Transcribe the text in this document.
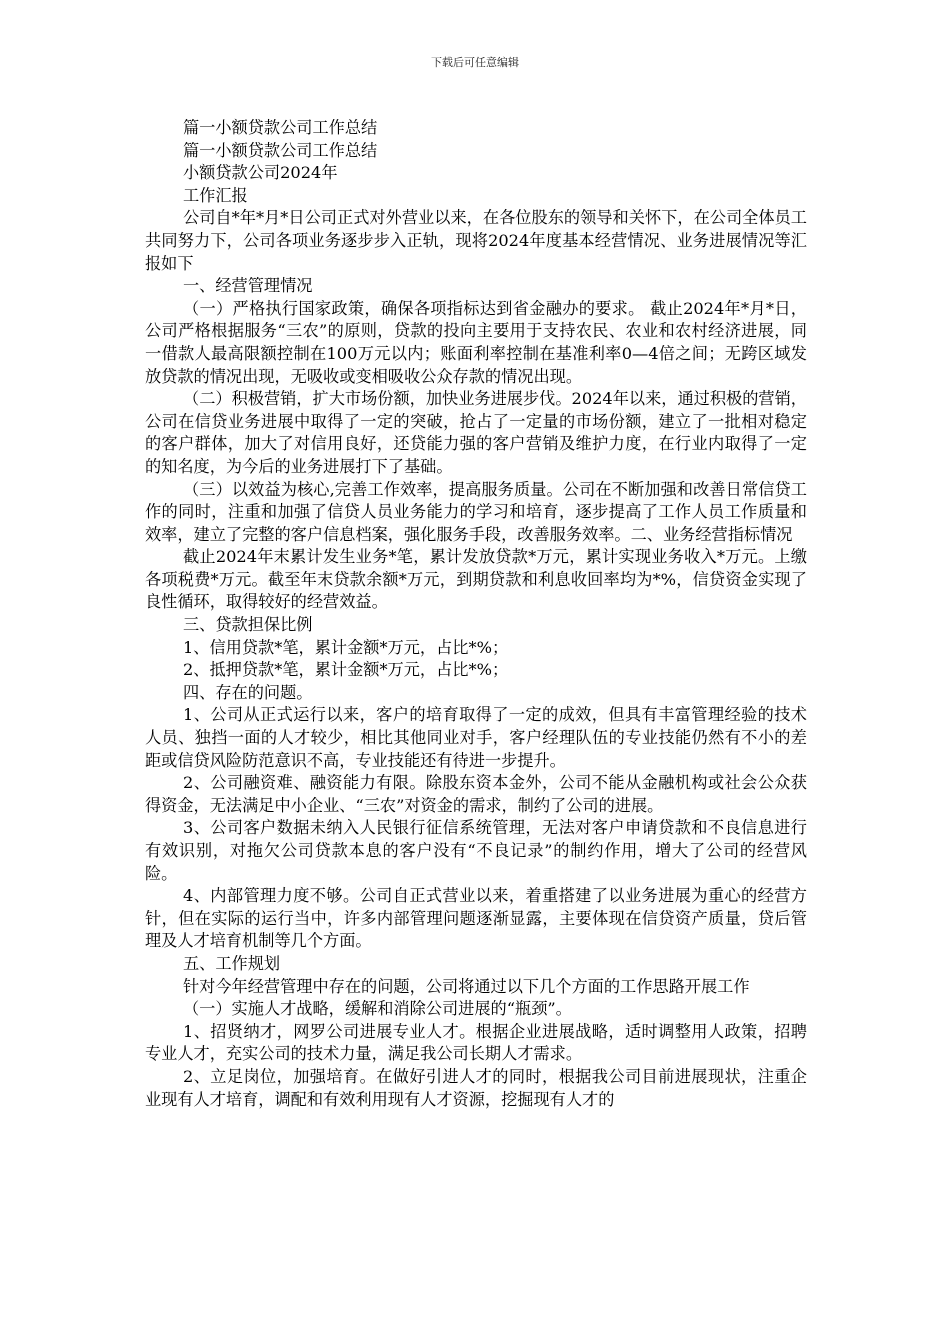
下载后可任意编辑

篇一小额贷款公司工作总结

篇一小额贷款公司工作总结

小额贷款公司2024年

工作汇报

公司自*年*月*日公司正式对外营业以来，在各位股东的领导和关怀下，在公司全体员工共同努力下，公司各项业务逐步步入正轨，现将2024年度基本经营情况、业务进展情况等汇报如下

一、经营管理情况

（一）严格执行国家政策，确保各项指标达到省金融办的要求。 截止2024年*月*日，公司严格根据服务“三农”的原则，贷款的投向主要用于支持农民、农业和农村经济进展，同一借款人最高限额控制在100万元以内；账面利率控制在基准利率0—4倍之间；无跨区域发放贷款的情况出现，无吸收或变相吸收公众存款的情况出现。

（二）积极营销，扩大市场份额，加快业务进展步伐。2024年以来，通过积极的营销，公司在信贷业务进展中取得了一定的突破，抢占了一定量的市场份额，建立了一批相对稳定的客户群体，加大了对信用良好，还贷能力强的客户营销及维护力度，在行业内取得了一定的知名度，为今后的业务进展打下了基础。

（三）以效益为核心,完善工作效率，提高服务质量。公司在不断加强和改善日常信贷工作的同时，注重和加强了信贷人员业务能力的学习和培育，逐步提高了工作人员工作质量和效率，建立了完整的客户信息档案，强化服务手段，改善服务效率。二、业务经营指标情况

截止2024年末累计发生业务*笔，累计发放贷款*万元，累计实现业务收入*万元。上缴各项税费*万元。截至年末贷款余额*万元，到期贷款和利息收回率均为*%，信贷资金实现了良性循环，取得较好的经营效益。

三、贷款担保比例

1、信用贷款*笔，累计金额*万元，占比*%；

2、抵押贷款*笔，累计金额*万元，占比*%；

四、存在的问题。

1、公司从正式运行以来，客户的培育取得了一定的成效，但具有丰富管理经验的技术人员、独挡一面的人才较少，相比其他同业对手，客户经理队伍的专业技能仍然有不小的差距或信贷风险防范意识不高，专业技能还有待进一步提升。

2、公司融资难、融资能力有限。除股东资本金外，公司不能从金融机构或社会公众获得资金，无法满足中小企业、“三农”对资金的需求，制约了公司的进展。

3、公司客户数据未纳入人民银行征信系统管理，无法对客户申请贷款和不良信息进行有效识别，对拖欠公司贷款本息的客户没有“不良记录”的制约作用，增大了公司的经营风险。

4、内部管理力度不够。公司自正式营业以来，着重搭建了以业务进展为重心的经营方针，但在实际的运行当中，许多内部管理问题逐渐显露，主要体现在信贷资产质量，贷后管理及人才培育机制等几个方面。

五、工作规划

针对今年经营管理中存在的问题，公司将通过以下几个方面的工作思路开展工作

（一）实施人才战略，缓解和消除公司进展的“瓶颈”。

1、招贤纳才，网罗公司进展专业人才。根据企业进展战略，适时调整用人政策，招聘专业人才，充实公司的技术力量，满足我公司长期人才需求。

2、立足岗位，加强培育。在做好引进人才的同时，根据我公司目前进展现状，注重企业现有人才培育，调配和有效利用现有人才资源，挖掘现有人才的
